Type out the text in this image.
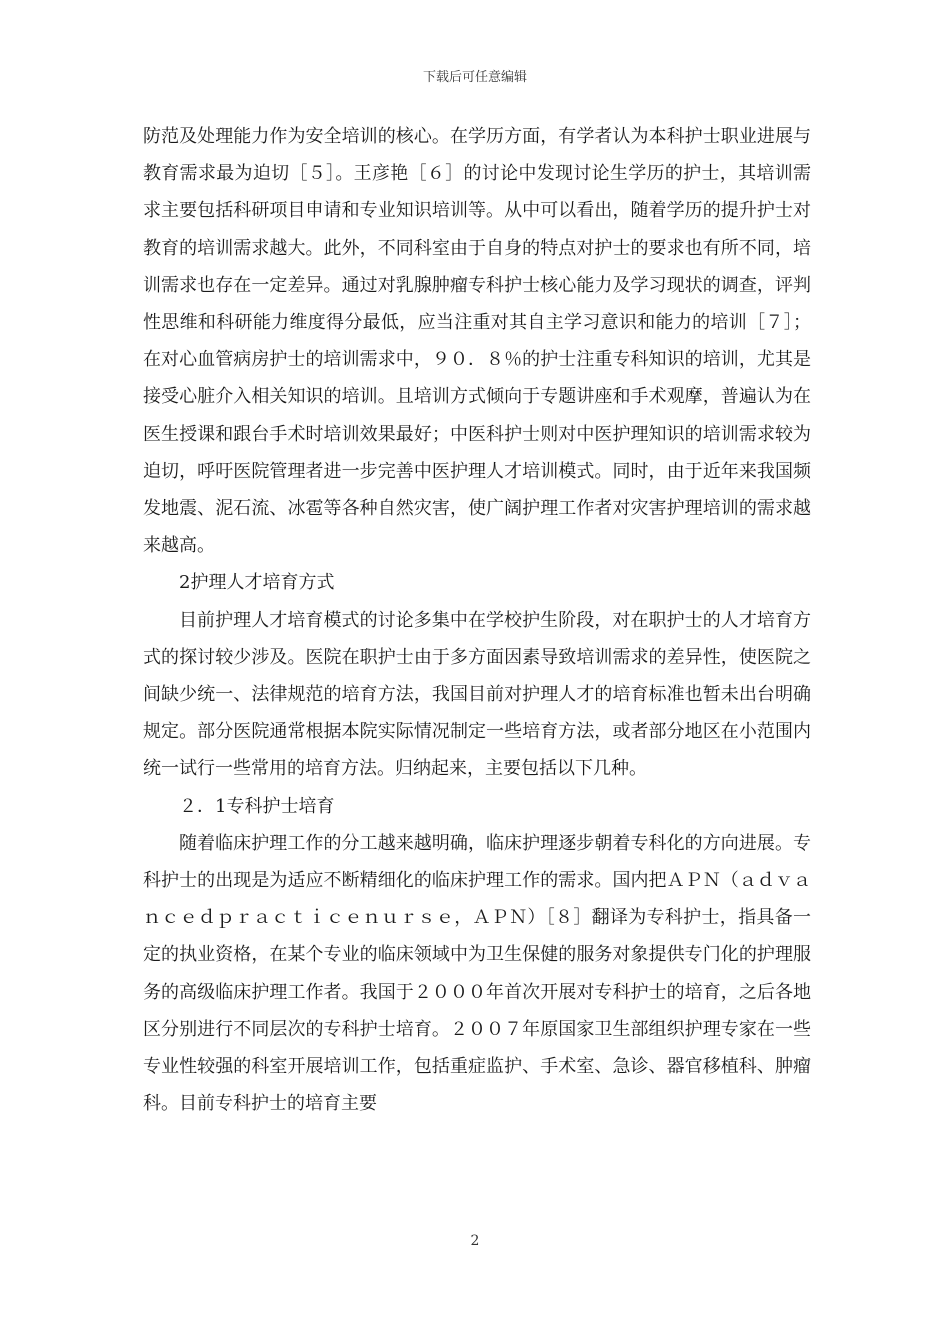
下载后可任意编辑

防范及处理能力作为安全培训的核心。在学历方面，有学者认为本科护士职业进展与教育需求最为迫切［５］。王彦艳［６］的讨论中发现讨论生学历的护士，其培训需求主要包括科研项目申请和专业知识培训等。从中可以看出，随着学历的提升护士对教育的培训需求越大。此外，不同科室由于自身的特点对护士的要求也有所不同，培训需求也存在一定差异。通过对乳腺肿瘤专科护士核心能力及学习现状的调查，评判性思维和科研能力维度得分最低，应当注重对其自主学习意识和能力的培训［７］；在对心血管病房护士的培训需求中，９０．８％的护士注重专科知识的培训，尤其是接受心脏介入相关知识的培训。且培训方式倾向于专题讲座和手术观摩，普遍认为在医生授课和跟台手术时培训效果最好；中医科护士则对中医护理知识的培训需求较为迫切，呼吁医院管理者进一步完善中医护理人才培训模式。同时，由于近年来我国频发地震、泥石流、冰雹等各种自然灾害，使广阔护理工作者对灾害护理培训的需求越来越高。

2护理人才培育方式

目前护理人才培育模式的讨论多集中在学校护生阶段，对在职护士的人才培育方式的探讨较少涉及。医院在职护士由于多方面因素导致培训需求的差异性，使医院之间缺少统一、法律规范的培育方法，我国目前对护理人才的培育标准也暂未出台明确规定。部分医院通常根据本院实际情况制定一些培育方法，或者部分地区在小范围内统一试行一些常用的培育方法。归纳起来，主要包括以下几种。

２．1专科护士培育

随着临床护理工作的分工越来越明确，临床护理逐步朝着专科化的方向进展。专科护士的出现是为适应不断精细化的临床护理工作的需求。国内把ＡＰＮ（ａｄｖａｎｃｅｄｐｒａｃｔｉｃｅｎｕｒｓｅ，ＡＰＮ）［８］翻译为专科护士，指具备一定的执业资格，在某个专业的临床领域中为卫生保健的服务对象提供专门化的护理服务的高级临床护理工作者。我国于２０００年首次开展对专科护士的培育，之后各地区分别进行不同层次的专科护士培育。２００７年原国家卫生部组织护理专家在一些专业性较强的科室开展培训工作，包括重症监护、手术室、急诊、器官移植科、肿瘤科。目前专科护士的培育主要

2
